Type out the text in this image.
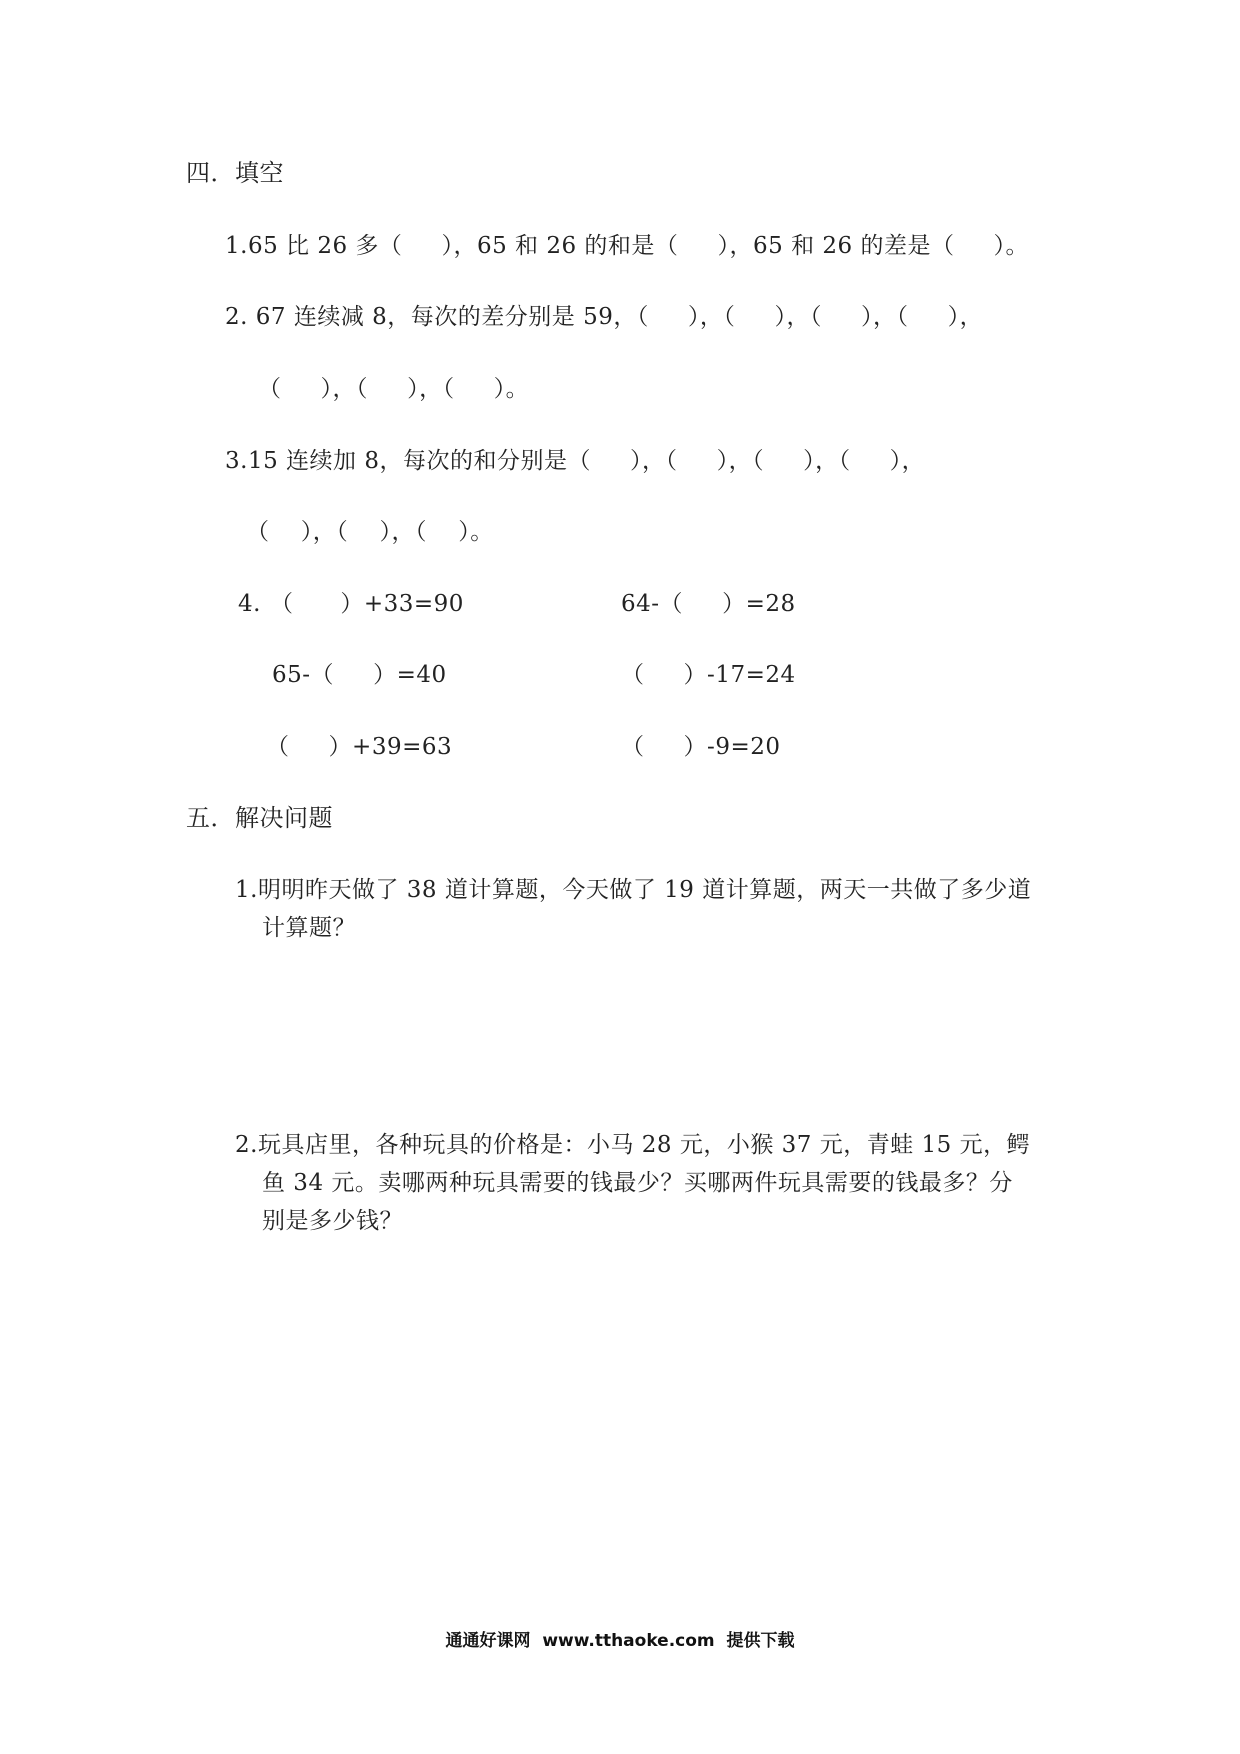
四．填空
1.65 比 26 多（     ），65 和 26 的和是（     ），65 和 26 的差是（     ）。
2. 67 连续减 8，每次的差分别是 59，（     ），（     ），（     ），（     ），
（     ），（     ），（     ）。
3.15 连续加 8，每次的和分别是（     ），（     ），（     ），（     ），
（    ），（    ），（    ）。
4. （      ）+33=90	64-（     ）=28
65-（     ）=40	（     ）-17=24
（     ）+39=63	（     ）-9=20
五．解决问题
1.明明昨天做了 38 道计算题，今天做了 19 道计算题，两天一共做了多少道
计算题？
2.玩具店里，各种玩具的价格是：小马 28 元，小猴 37 元，青蛙 15 元，鳄
鱼 34 元。卖哪两种玩具需要的钱最少？买哪两件玩具需要的钱最多？分
别是多少钱？
通通好课网  www.tthaoke.com  提供下载
